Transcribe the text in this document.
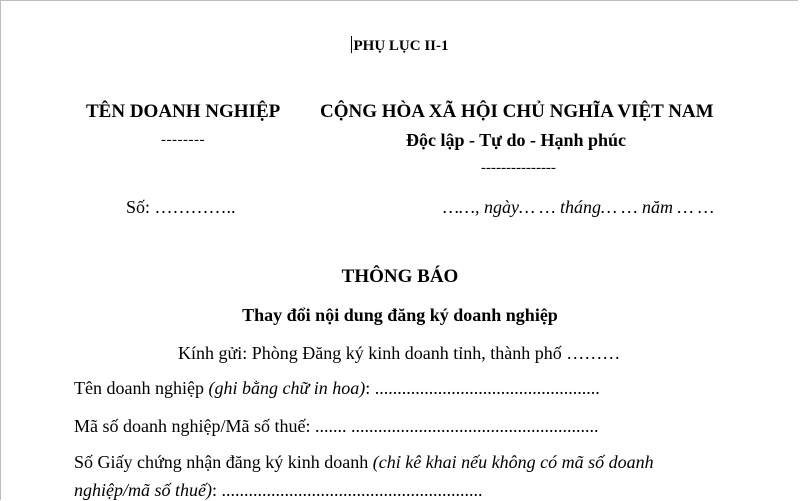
PHỤ LỤC II-1
TÊN DOANH NGHIỆP
--------
CỘNG HÒA XÃ HỘI CHỦ NGHĨA VIỆT NAM
Độc lập - Tự do - Hạnh phúc
---------------
Số: …………..	……, ngày… … tháng… … năm … …
THÔNG BÁO
Thay đổi nội dung đăng ký doanh nghiệp
Kính gửi: Phòng Đăng ký kinh doanh tỉnh, thành phố ………
Tên doanh nghiệp (ghi bằng chữ in hoa): ..................................................
Mã số doanh nghiệp/Mã số thuế: ....... .......................................................
Số Giấy chứng nhận đăng ký kinh doanh (chỉ kê khai nếu không có mã số doanh
nghiệp/mã số thuế): ..........................................................
